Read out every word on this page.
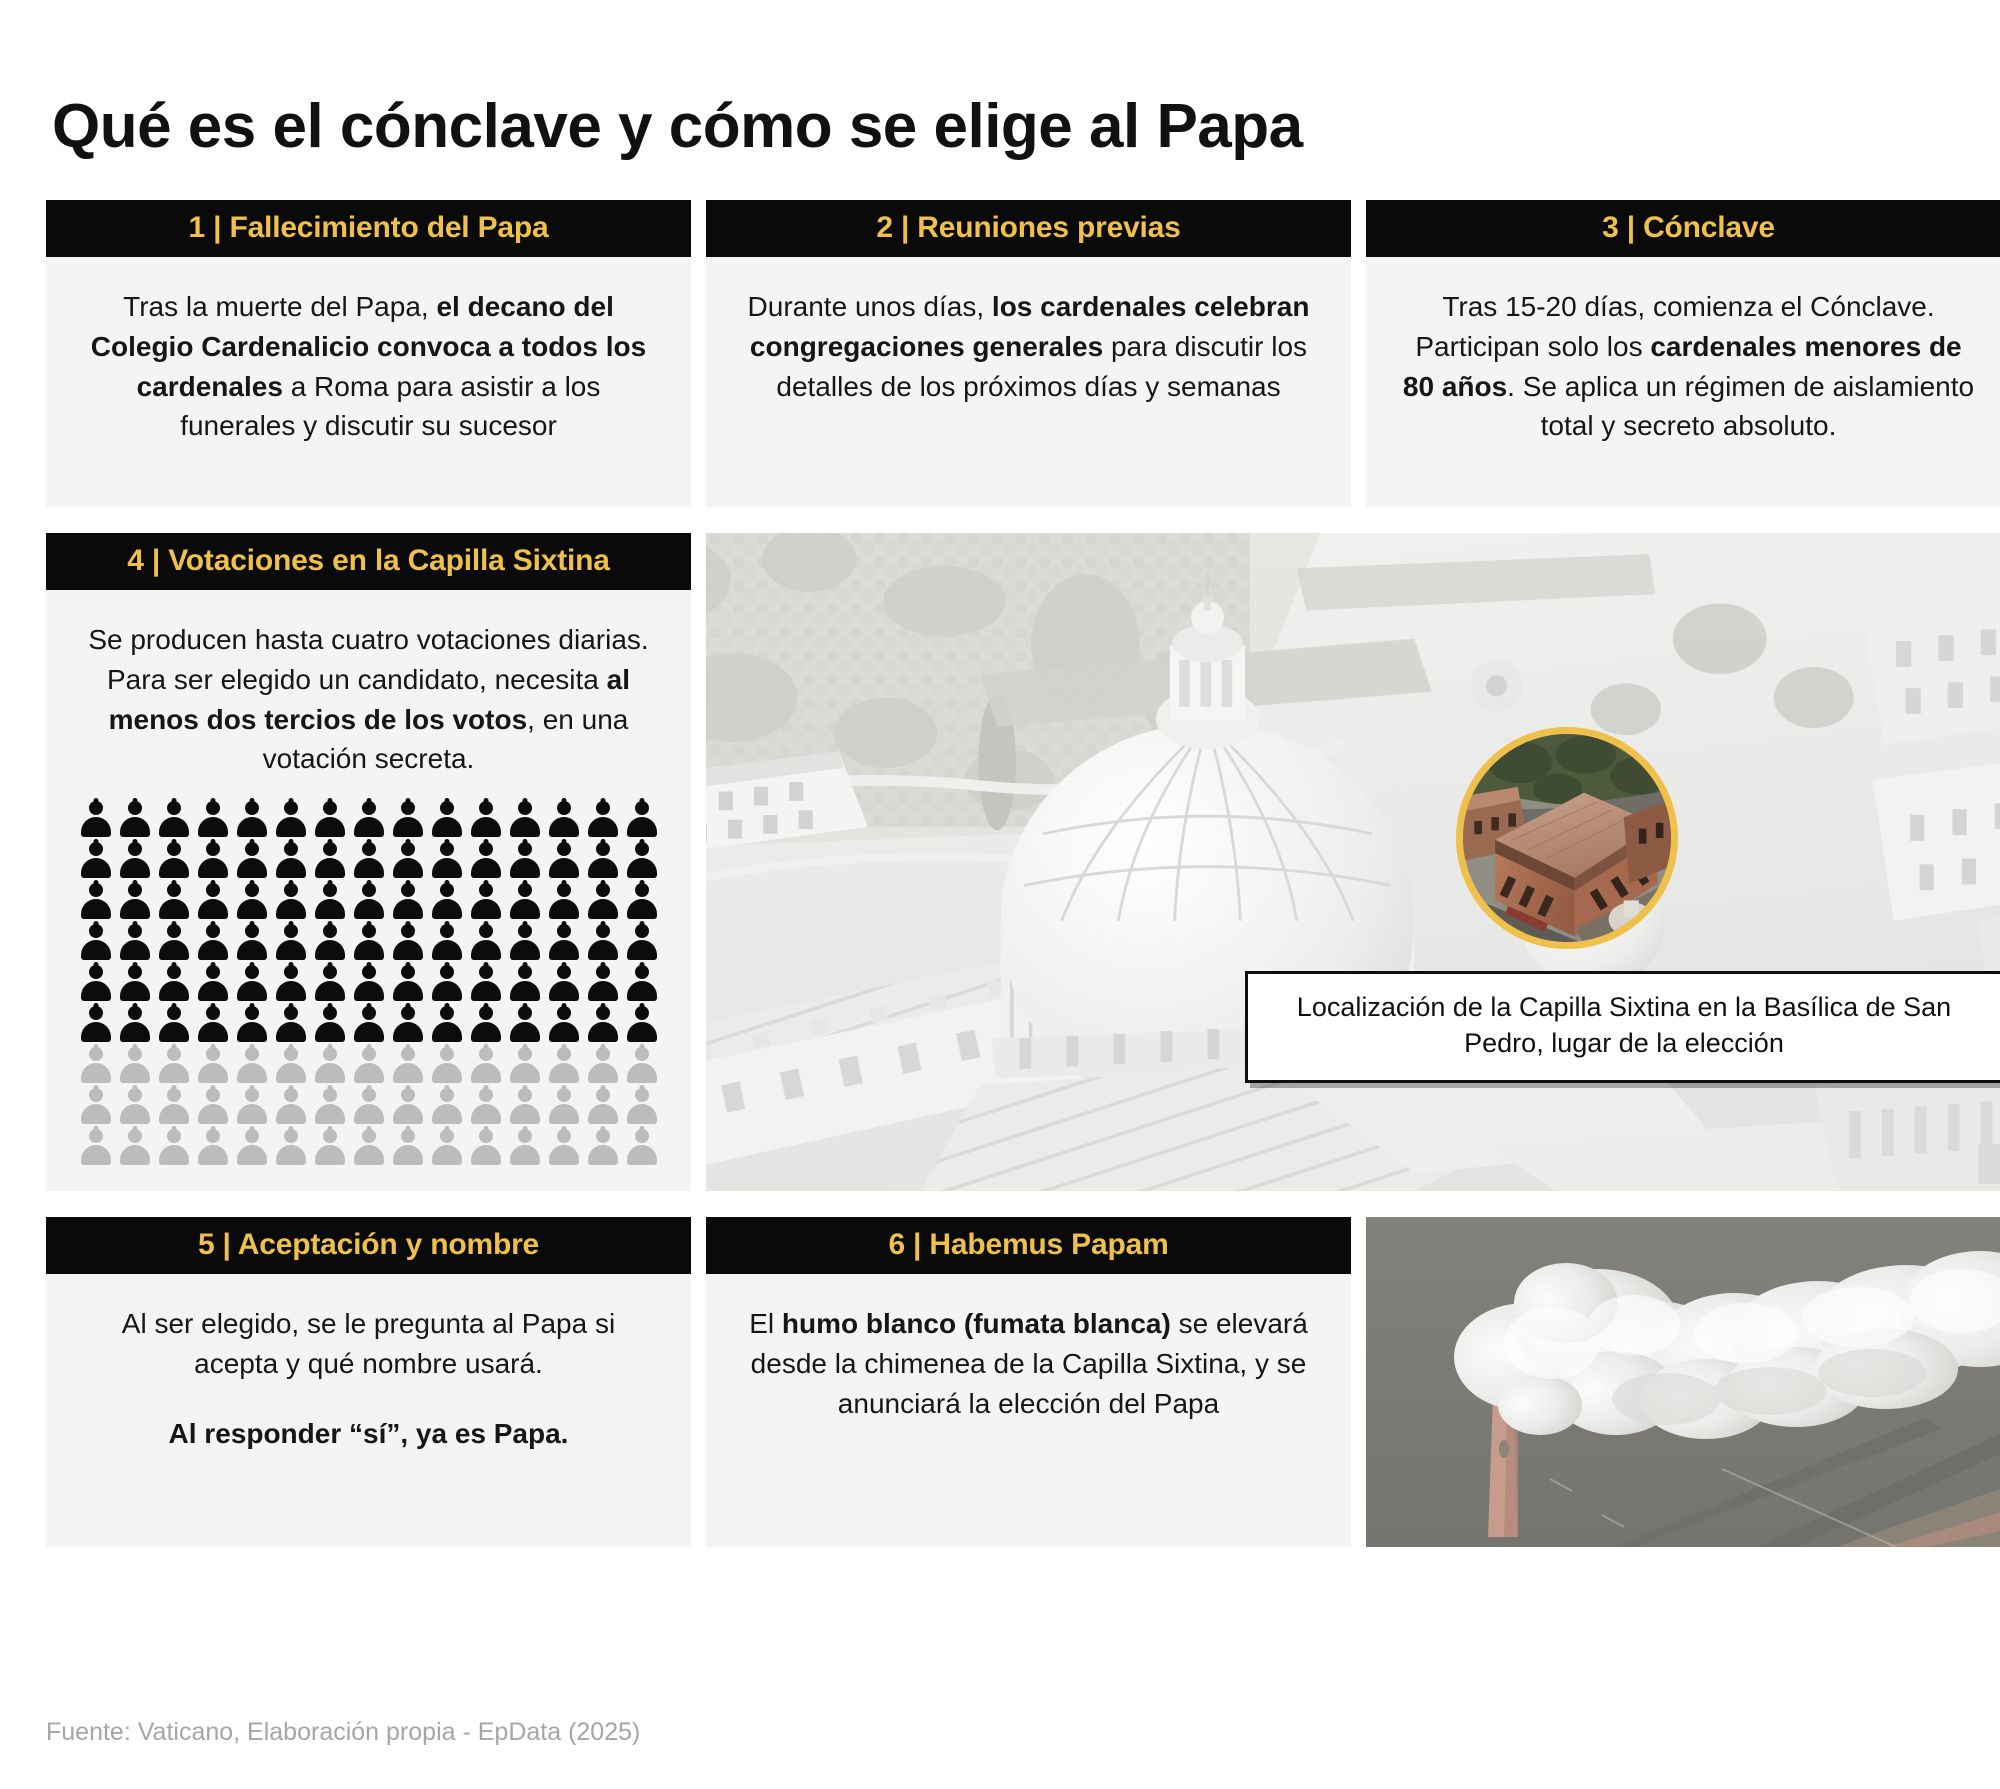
Qué es el cónclave y cómo se elige al Papa
1 | Fallecimiento del Papa

Tras la muerte del Papa, el decano del Colegio Cardenalicio convoca a todos los cardenales a Roma para asistir a los funerales y discutir su sucesor

2 | Reuniones previas

Durante unos días, los cardenales celebran congregaciones generales para discutir los detalles de los próximos días y semanas

3 | Cónclave

Tras 15-20 días, comienza el Cónclave. Participan solo los cardenales menores de 80 años. Se aplica un régimen de aislamiento total y secreto absoluto.

4 | Votaciones en la Capilla Sixtina

Se producen hasta cuatro votaciones diarias. Para ser elegido un candidato, necesita al menos dos tercios de los votos, en una votación secreta.

Localización de la Capilla Sixtina en la Basílica de San Pedro, lugar de la elección
5 | Aceptación y nombre

Al ser elegido, se le pregunta al Papa si acepta y qué nombre usará.

Al responder “sí”, ya es Papa.

6 | Habemus Papam

El humo blanco (fumata blanca) se elevará desde la chimenea de la Capilla Sixtina, y se anunciará la elección del Papa

Fuente: Vaticano, Elaboración propia - EpData (2025)
